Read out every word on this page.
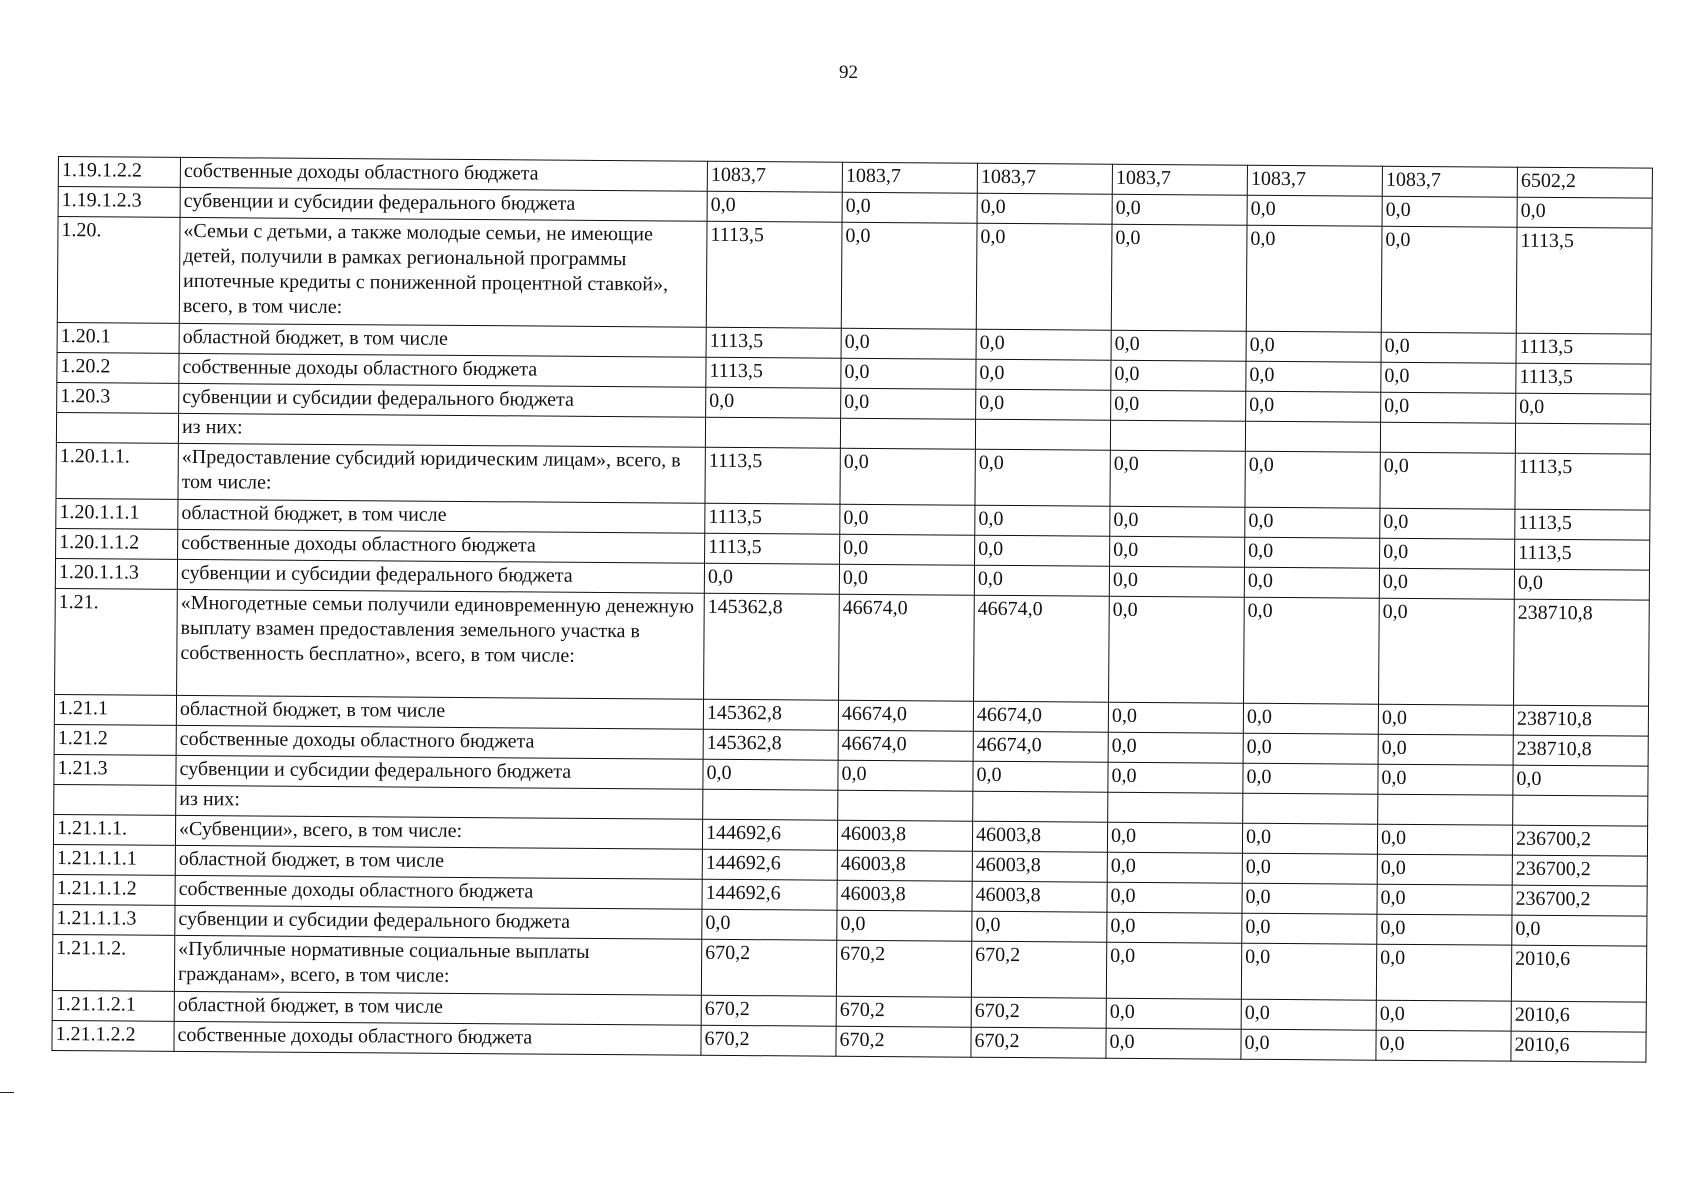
92
1.19.1.2.2	собственные доходы областного бюджета	1083,7	1083,7	1083,7	1083,7	1083,7	1083,7	6502,2
1.19.1.2.3	субвенции и субсидии федерального бюджета	0,0	0,0	0,0	0,0	0,0	0,0	0,0
1.20.	«Семьи с детьми, а также молодые семьи, не имеющие детей, получили в рамках региональной программы ипотечные кредиты с пониженной процентной ставкой», всего, в том числе:	1113,5	0,0	0,0	0,0	0,0	0,0	1113,5
1.20.1	областной бюджет, в том числе	1113,5	0,0	0,0	0,0	0,0	0,0	1113,5
1.20.2	собственные доходы областного бюджета	1113,5	0,0	0,0	0,0	0,0	0,0	1113,5
1.20.3	субвенции и субсидии федерального бюджета	0,0	0,0	0,0	0,0	0,0	0,0	0,0
	из них:							
1.20.1.1.	«Предоставление субсидий юридическим лицам», всего, в том числе:	1113,5	0,0	0,0	0,0	0,0	0,0	1113,5
1.20.1.1.1	областной бюджет, в том числе	1113,5	0,0	0,0	0,0	0,0	0,0	1113,5
1.20.1.1.2	собственные доходы областного бюджета	1113,5	0,0	0,0	0,0	0,0	0,0	1113,5
1.20.1.1.3	субвенции и субсидии федерального бюджета	0,0	0,0	0,0	0,0	0,0	0,0	0,0
1.21.	«Многодетные семьи получили единовременную денежную выплату взамен предоставления земельного участка в собственность бесплатно», всего, в том числе:	145362,8	46674,0	46674,0	0,0	0,0	0,0	238710,8
1.21.1	областной бюджет, в том числе	145362,8	46674,0	46674,0	0,0	0,0	0,0	238710,8
1.21.2	собственные доходы областного бюджета	145362,8	46674,0	46674,0	0,0	0,0	0,0	238710,8
1.21.3	субвенции и субсидии федерального бюджета	0,0	0,0	0,0	0,0	0,0	0,0	0,0
	из них:							
1.21.1.1.	«Субвенции», всего, в том числе:	144692,6	46003,8	46003,8	0,0	0,0	0,0	236700,2
1.21.1.1.1	областной бюджет, в том числе	144692,6	46003,8	46003,8	0,0	0,0	0,0	236700,2
1.21.1.1.2	собственные доходы областного бюджета	144692,6	46003,8	46003,8	0,0	0,0	0,0	236700,2
1.21.1.1.3	субвенции и субсидии федерального бюджета	0,0	0,0	0,0	0,0	0,0	0,0	0,0
1.21.1.2.	«Публичные нормативные социальные выплаты гражданам», всего, в том числе:	670,2	670,2	670,2	0,0	0,0	0,0	2010,6
1.21.1.2.1	областной бюджет, в том числе	670,2	670,2	670,2	0,0	0,0	0,0	2010,6
1.21.1.2.2	собственные доходы областного бюджета	670,2	670,2	670,2	0,0	0,0	0,0	2010,6
